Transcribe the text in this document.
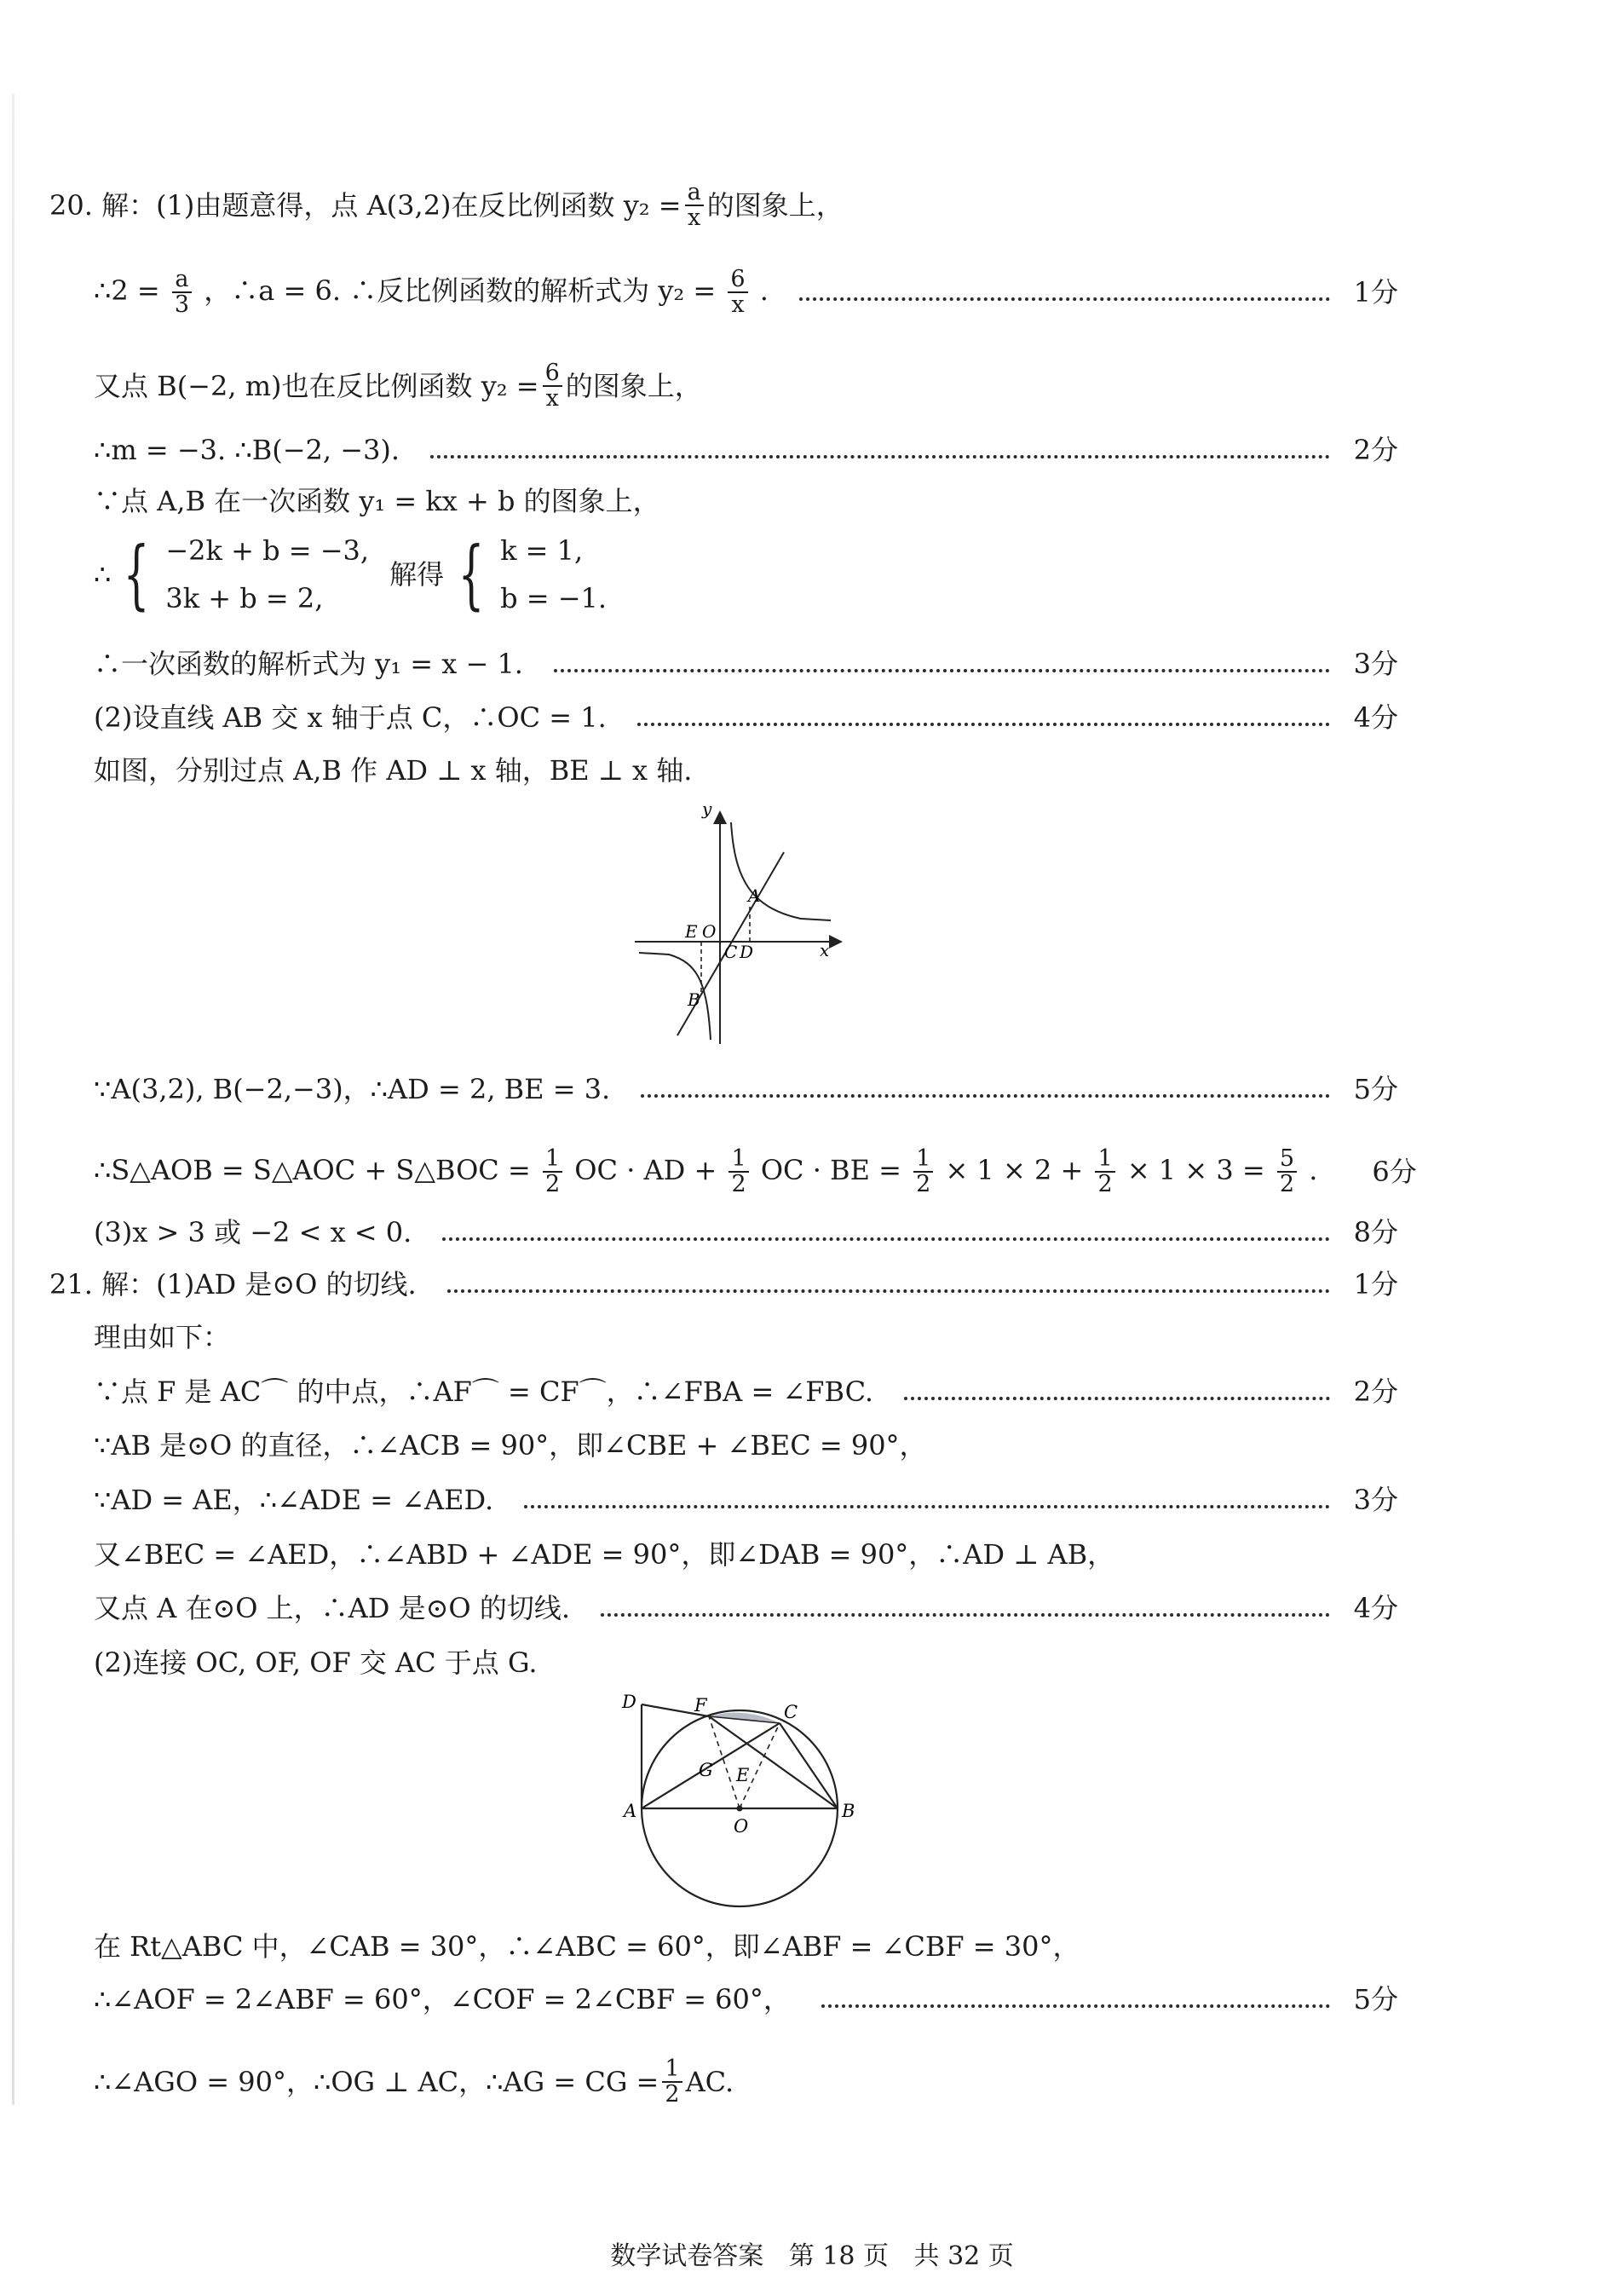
20. 解：(1)由题意得，点 A(3,2)在反比例函数 $y_2 = \frac{a}{x}$ 的图象上，
∴2 = $\frac{a}{3}$ ，∴a = 6. ∴反比例函数的解析式为 $y_2 = \frac{6}{x}$ .	1分
又点 B(−2, m)也在反比例函数 $y_2 = \frac{6}{x}$ 的图象上，
∴m = −3. ∴B(−2, −3).	2分
∵点 A,B 在一次函数 y₁ = kx + b 的图象上，
∴ { −2k + b = −3,
3k + b = 2,
解得 { k = 1,
b = −1.
∴一次函数的解析式为 y₁ = x − 1.	3分
(2)设直线 AB 交 x 轴于点 C，∴OC = 1.	4分
如图，分别过点 A,B 作 AD ⊥ x 轴，BE ⊥ x 轴.
y
x
A
B
E O
C D
∵A(3,2), B(−2,−3)，∴AD = 2, BE = 3.	5分
∴S△AOB = S△AOC + S△BOC = $\frac{1}{2}$ OC · AD + $\frac{1}{2}$ OC · BE = $\frac{1}{2} \times 1 \times 2 + \frac{1}{2} \times 1 \times 3 = \frac{5}{2}$ . 6分
(3)x > 3 或 −2 < x < 0.	8分
21. 解：(1)AD 是⊙O 的切线.	1分
理由如下：
∵点 F 是 AC⌒ 的中点，∴AF⌒ = CF⌒，∴∠FBA = ∠FBC.	2分
∵AB 是⊙O 的直径，∴∠ACB = 90°，即∠CBE + ∠BEC = 90°，
∵AD = AE，∴∠ADE = ∠AED.	3分
又∠BEC = ∠AED，∴∠ABD + ∠ADE = 90°，即∠DAB = 90°，∴AD ⊥ AB，
又点 A 在⊙O 上，∴AD 是⊙O 的切线.	4分
(2)连接 OC, OF, OF 交 AC 于点 G.
D	F	C
G E
A
O
B
在 Rt△ABC 中，∠CAB = 30°，∴∠ABC = 60°，即∠ABF = ∠CBF = 30°，
∴∠AOF = 2∠ABF = 60°，∠COF = 2∠CBF = 60°，	5分
∴∠AGO = 90°，∴OG ⊥ AC，∴AG = CG = $\frac{1}{2}$ AC.
数学试卷答案 第 18 页 共 32 页
